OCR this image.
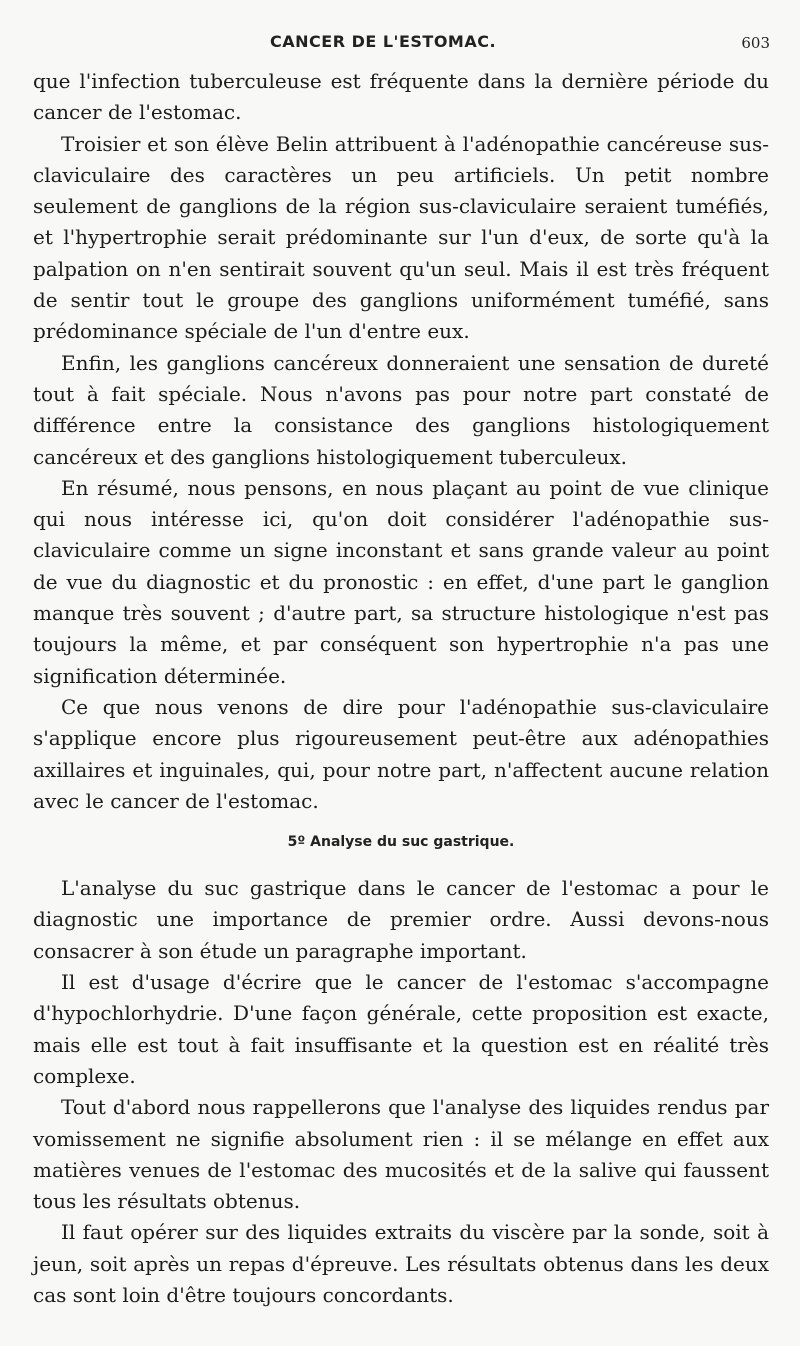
CANCER DE L'ESTOMAC.	603

que l'infection tuberculeuse est fréquente dans la dernière période du cancer de l'estomac.

Troisier et son élève Belin attribuent à l'adénopathie cancéreuse sus-claviculaire des caractères un peu artificiels. Un petit nombre seulement de ganglions de la région sus-claviculaire seraient tuméfiés, et l'hypertrophie serait prédominante sur l'un d'eux, de sorte qu'à la palpation on n'en sentirait souvent qu'un seul. Mais il est très fréquent de sentir tout le groupe des ganglions uniformément tuméfié, sans prédominance spéciale de l'un d'entre eux.

Enfin, les ganglions cancéreux donneraient une sensation de dureté tout à fait spéciale. Nous n'avons pas pour notre part constaté de différence entre la consistance des ganglions histologiquement cancéreux et des ganglions histologiquement tuberculeux.

En résumé, nous pensons, en nous plaçant au point de vue clinique qui nous intéresse ici, qu'on doit considérer l'adénopathie sus-claviculaire comme un signe inconstant et sans grande valeur au point de vue du diagnostic et du pronostic : en effet, d'une part le ganglion manque très souvent ; d'autre part, sa structure histologique n'est pas toujours la même, et par conséquent son hypertrophie n'a pas une signification déterminée.

Ce que nous venons de dire pour l'adénopathie sus-claviculaire s'applique encore plus rigoureusement peut-être aux adénopathies axillaires et inguinales, qui, pour notre part, n'affectent aucune relation avec le cancer de l'estomac.

5º Analyse du suc gastrique.

L'analyse du suc gastrique dans le cancer de l'estomac a pour le diagnostic une importance de premier ordre. Aussi devons-nous consacrer à son étude un paragraphe important.

Il est d'usage d'écrire que le cancer de l'estomac s'accompagne d'hypochlorhydrie. D'une façon générale, cette proposition est exacte, mais elle est tout à fait insuffisante et la question est en réalité très complexe.

Tout d'abord nous rappellerons que l'analyse des liquides rendus par vomissement ne signifie absolument rien : il se mélange en effet aux matières venues de l'estomac des mucosités et de la salive qui faussent tous les résultats obtenus.

Il faut opérer sur des liquides extraits du viscère par la sonde, soit à jeun, soit après un repas d'épreuve. Les résultats obtenus dans les deux cas sont loin d'être toujours concordants.
